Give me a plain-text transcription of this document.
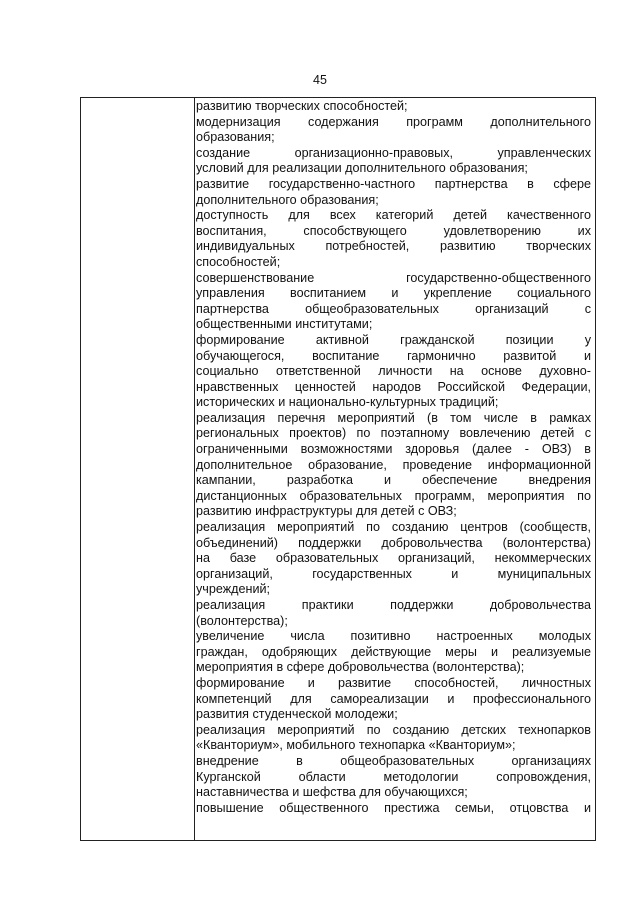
45
развитию творческих способностей;
модернизация содержания программ дополнительного
образования;
создание организационно-правовых, управленческих
условий для реализации дополнительного образования;
развитие государственно-частного партнерства в сфере
дополнительного образования;
доступность для всех категорий детей качественного
воспитания, способствующего удовлетворению их
индивидуальных потребностей, развитию творческих
способностей;
совершенствование государственно-общественного
управления воспитанием и укрепление социального
партнерства общеобразовательных организаций с
общественными институтами;
формирование активной гражданской позиции у
обучающегося, воспитание гармонично развитой и
социально ответственной личности на основе духовно-
нравственных ценностей народов Российской Федерации,
исторических и национально-культурных традиций;
реализация перечня мероприятий (в том числе в рамках
региональных проектов) по поэтапному вовлечению детей с
ограниченными возможностями здоровья (далее - ОВЗ) в
дополнительное образование, проведение информационной
кампании, разработка и обеспечение внедрения
дистанционных образовательных программ, мероприятия по
развитию инфраструктуры для детей с ОВЗ;
реализация мероприятий по созданию центров (сообществ,
объединений) поддержки добровольчества (волонтерства)
на базе образовательных организаций, некоммерческих
организаций, государственных и муниципальных
учреждений;
реализация практики поддержки добровольчества
(волонтерства);
увеличение числа позитивно настроенных молодых
граждан, одобряющих действующие меры и реализуемые
мероприятия в сфере добровольчества (волонтерства);
формирование и развитие способностей, личностных
компетенций для самореализации и профессионального
развития студенческой молодежи;
реализация мероприятий по созданию детских технопарков
«Кванториум», мобильного технопарка «Кванториум»;
внедрение в общеобразовательных организациях
Курганской области методологии сопровождения,
наставничества и шефства для обучающихся;
повышение общественного престижа семьи, отцовства и
